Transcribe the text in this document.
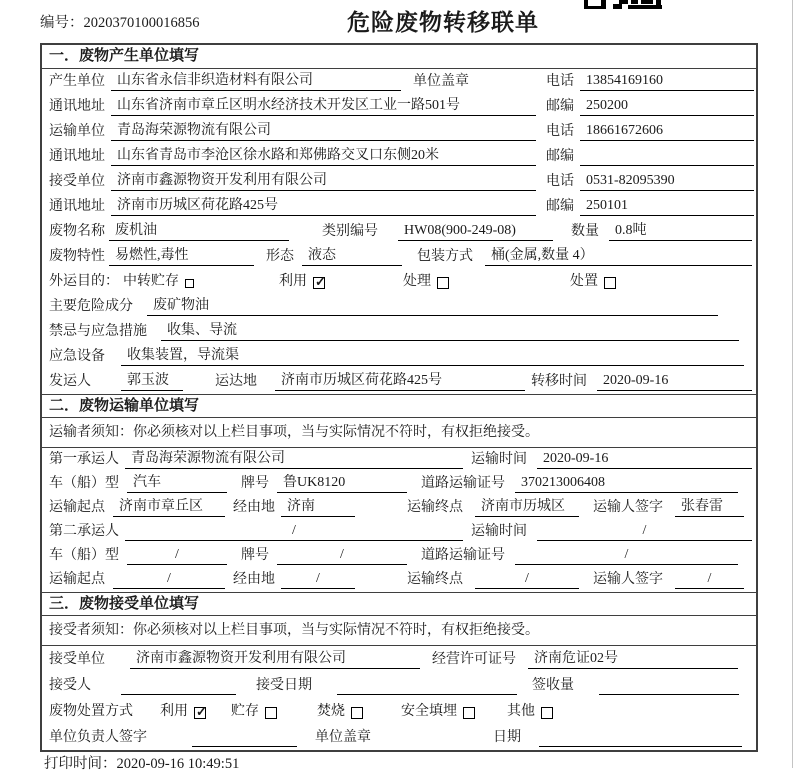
编号：2020370100016856	危险废物转移联单
一．废物产生单位填写
产生单位 山东省永信非织造材料有限公司	单位盖章	电话 13854169160
通讯地址 山东省济南市章丘区明水经济技术开发区工业一路501号	邮编 250200
运输单位 青岛海荣源物流有限公司	电话 18661672606
通讯地址 山东省青岛市李沧区徐水路和郑佛路交叉口东侧20米	邮编
接受单位 济南市鑫源物资开发利用有限公司	电话 0531-82095390
通讯地址 济南市历城区荷花路425号	邮编 250101
废物名称 废机油	类别编号	HW08(900-249-08)	数量	0.8吨
废物特性 易燃性,毒性	形态	液态	包装方式	桶(金属,数量 4）
外运目的： 中转贮存	利用 ✓	处理	处置
主要危险成分	废矿物油
禁忌与应急措施	收集、导流
应急设备	收集装置，导流渠
发运人	郭玉波	运达地	济南市历城区荷花路425号	转移时间	2020-09-16
二．废物运输单位填写
运输者须知：你必须核对以上栏目事项，当与实际情况不符时，有权拒绝接受。
第一承运人 青岛海荣源物流有限公司	运输时间	2020-09-16
车（船）型	汽车	牌号	鲁UK8120	道路运输证号	370213006408
运输起点	济南市章丘区	经由地 济南	运输终点	济南市历城区	运输人签字	张春雷
第二承运人	/	运输时间	/
车（船）型	/	牌号	/	道路运输证号	/
运输起点	/	经由地	/	运输终点	/	运输人签字	/
三．废物接受单位填写
接受者须知：你必须核对以上栏目事项，当与实际情况不符时，有权拒绝接受。
接受单位	济南市鑫源物资开发利用有限公司	经营许可证号	济南危证02号
接受人	接受日期	签收量
废物处置方式 利用 ✓	贮存	焚烧	安全填埋	其他
单位负责人签字	单位盖章	日期
打印时间：2020-09-16 10:49:51
